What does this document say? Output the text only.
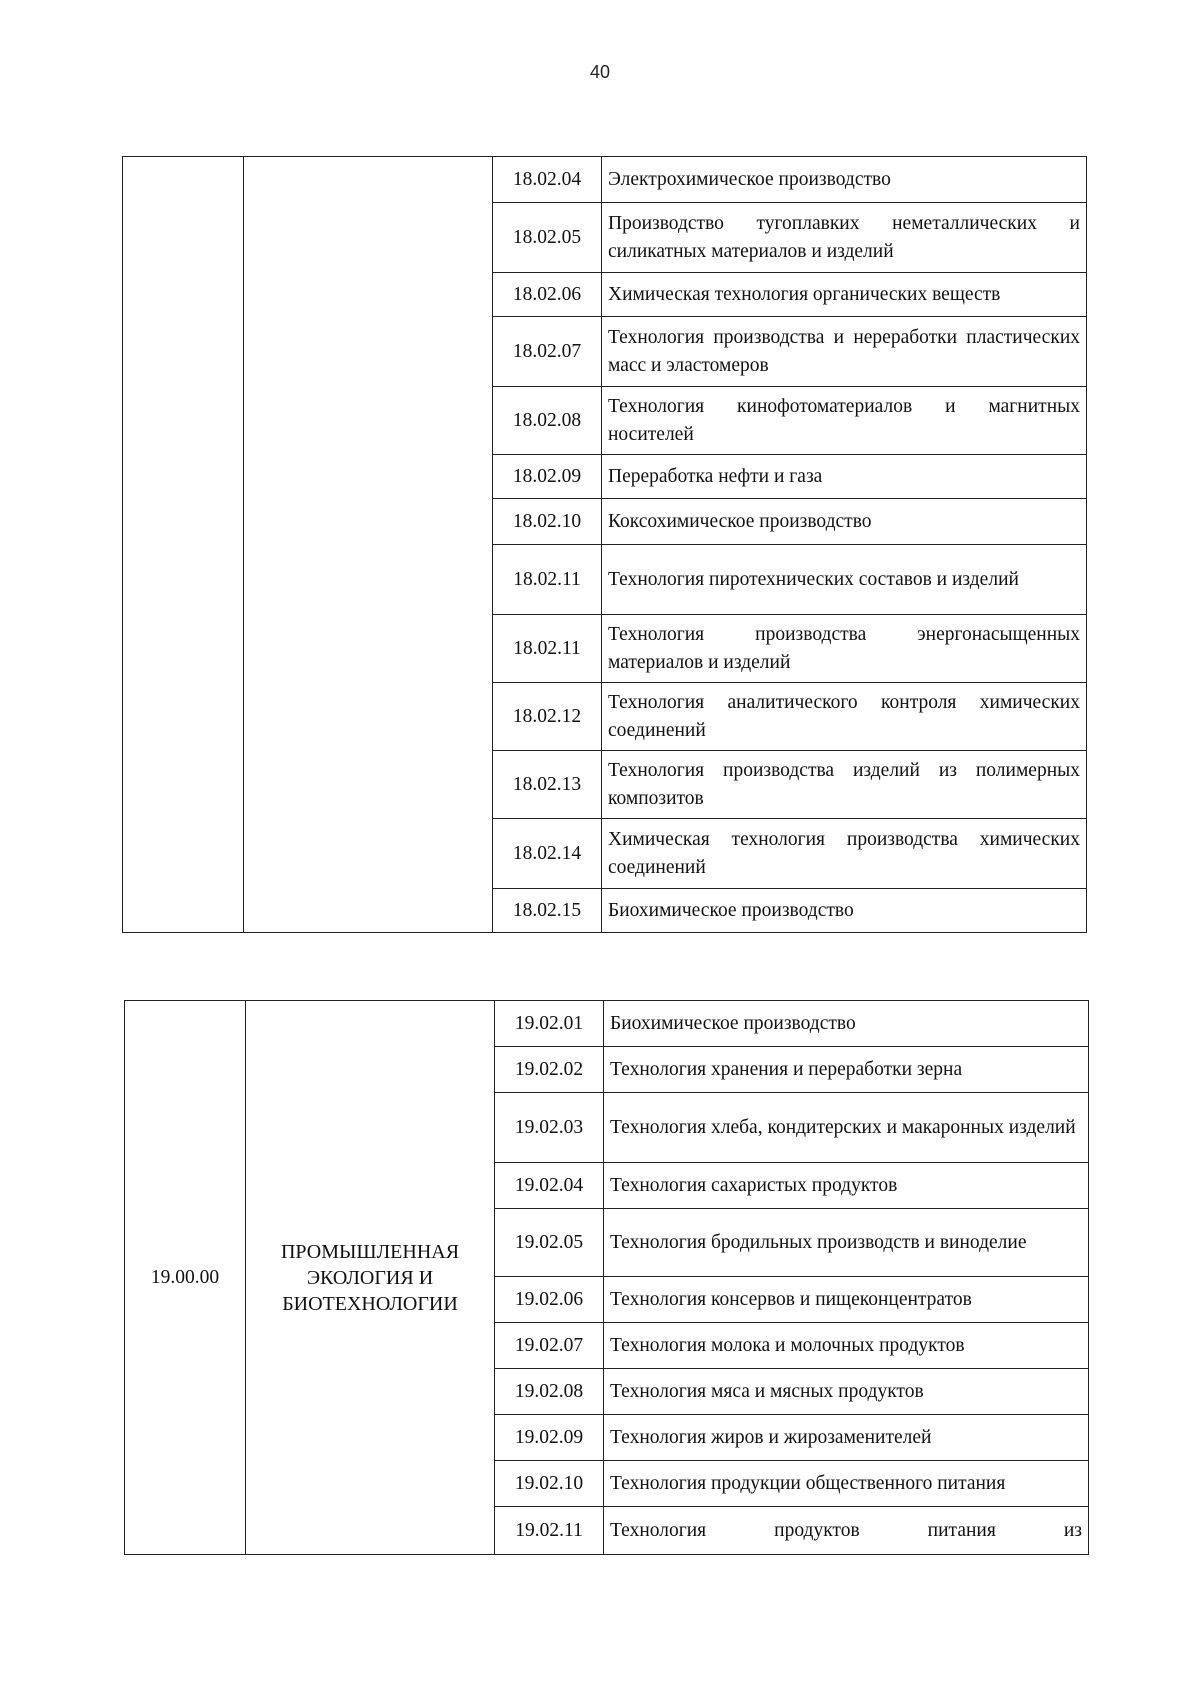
40
		18.02.04	Электрохимическое производство
		18.02.05	Производство тугоплавких неметаллических и силикатных материалов и изделий
		18.02.06	Химическая технология органических веществ
		18.02.07	Технология производства и нереработки пластических масс и эластомеров
		18.02.08	Технология кинофотоматериалов и магнитных носителей
		18.02.09	Переработка нефти и газа
		18.02.10	Коксохимическое производство
		18.02.11	Технология пиротехнических составов и изделий
		18.02.11	Технология производства энергонасыщенных материалов и изделий
		18.02.12	Технология аналитического контроля химических соединений
		18.02.13	Технология производства изделий из полимерных композитов
		18.02.14	Химическая технология производства химических соединений
		18.02.15	Биохимическое производство
19.00.00	ПРОМЫШЛЕННАЯ ЭКОЛОГИЯ И БИОТЕХНОЛОГИИ	19.02.01	Биохимическое производство
		19.02.02	Технология хранения и переработки зерна
		19.02.03	Технология хлеба, кондитерских и макаронных изделий
		19.02.04	Технология сахаристых продуктов
		19.02.05	Технология бродильных производств и виноделие
		19.02.06	Технология консервов и пищеконцентратов
		19.02.07	Технология молока и молочных продуктов
		19.02.08	Технология мяса и мясных продуктов
		19.02.09	Технология жиров и жирозаменителей
		19.02.10	Технология продукции общественного питания
		19.02.11	Технология продуктов питания из
